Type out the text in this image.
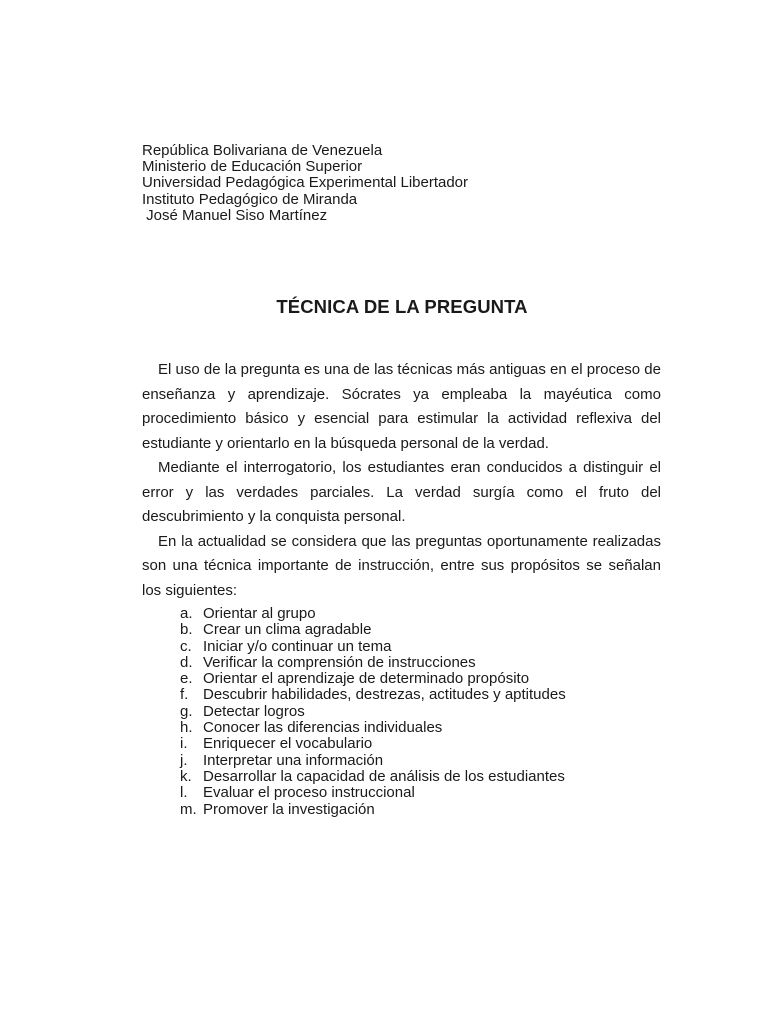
República Bolivariana de Venezuela
Ministerio de Educación Superior
Universidad Pedagógica Experimental Libertador
Instituto Pedagógico de Miranda
José Manuel Siso Martínez
TÉCNICA DE LA PREGUNTA

El uso de la pregunta es una de las técnicas más antiguas en el proceso de enseñanza y aprendizaje. Sócrates ya empleaba la mayéutica como procedimiento básico y esencial para estimular la actividad reflexiva del estudiante y orientarlo en la búsqueda personal de la verdad.

Mediante el interrogatorio, los estudiantes eran conducidos a distinguir el error y las verdades parciales. La verdad surgía como el fruto del descubrimiento y la conquista personal.

En la actualidad se considera que las preguntas oportunamente realizadas son una técnica importante de instrucción, entre sus propósitos se señalan los siguientes:

a. Orientar al grupo
b. Crear un clima agradable
c. Iniciar y/o continuar un tema
d. Verificar la comprensión de instrucciones
e. Orientar el aprendizaje de determinado propósito
f. Descubrir habilidades, destrezas, actitudes y aptitudes
g. Detectar logros
h. Conocer las diferencias individuales
i. Enriquecer el vocabulario
j. Interpretar una información
k. Desarrollar la capacidad de análisis de los estudiantes
l. Evaluar el proceso instruccional
m. Promover la investigación
